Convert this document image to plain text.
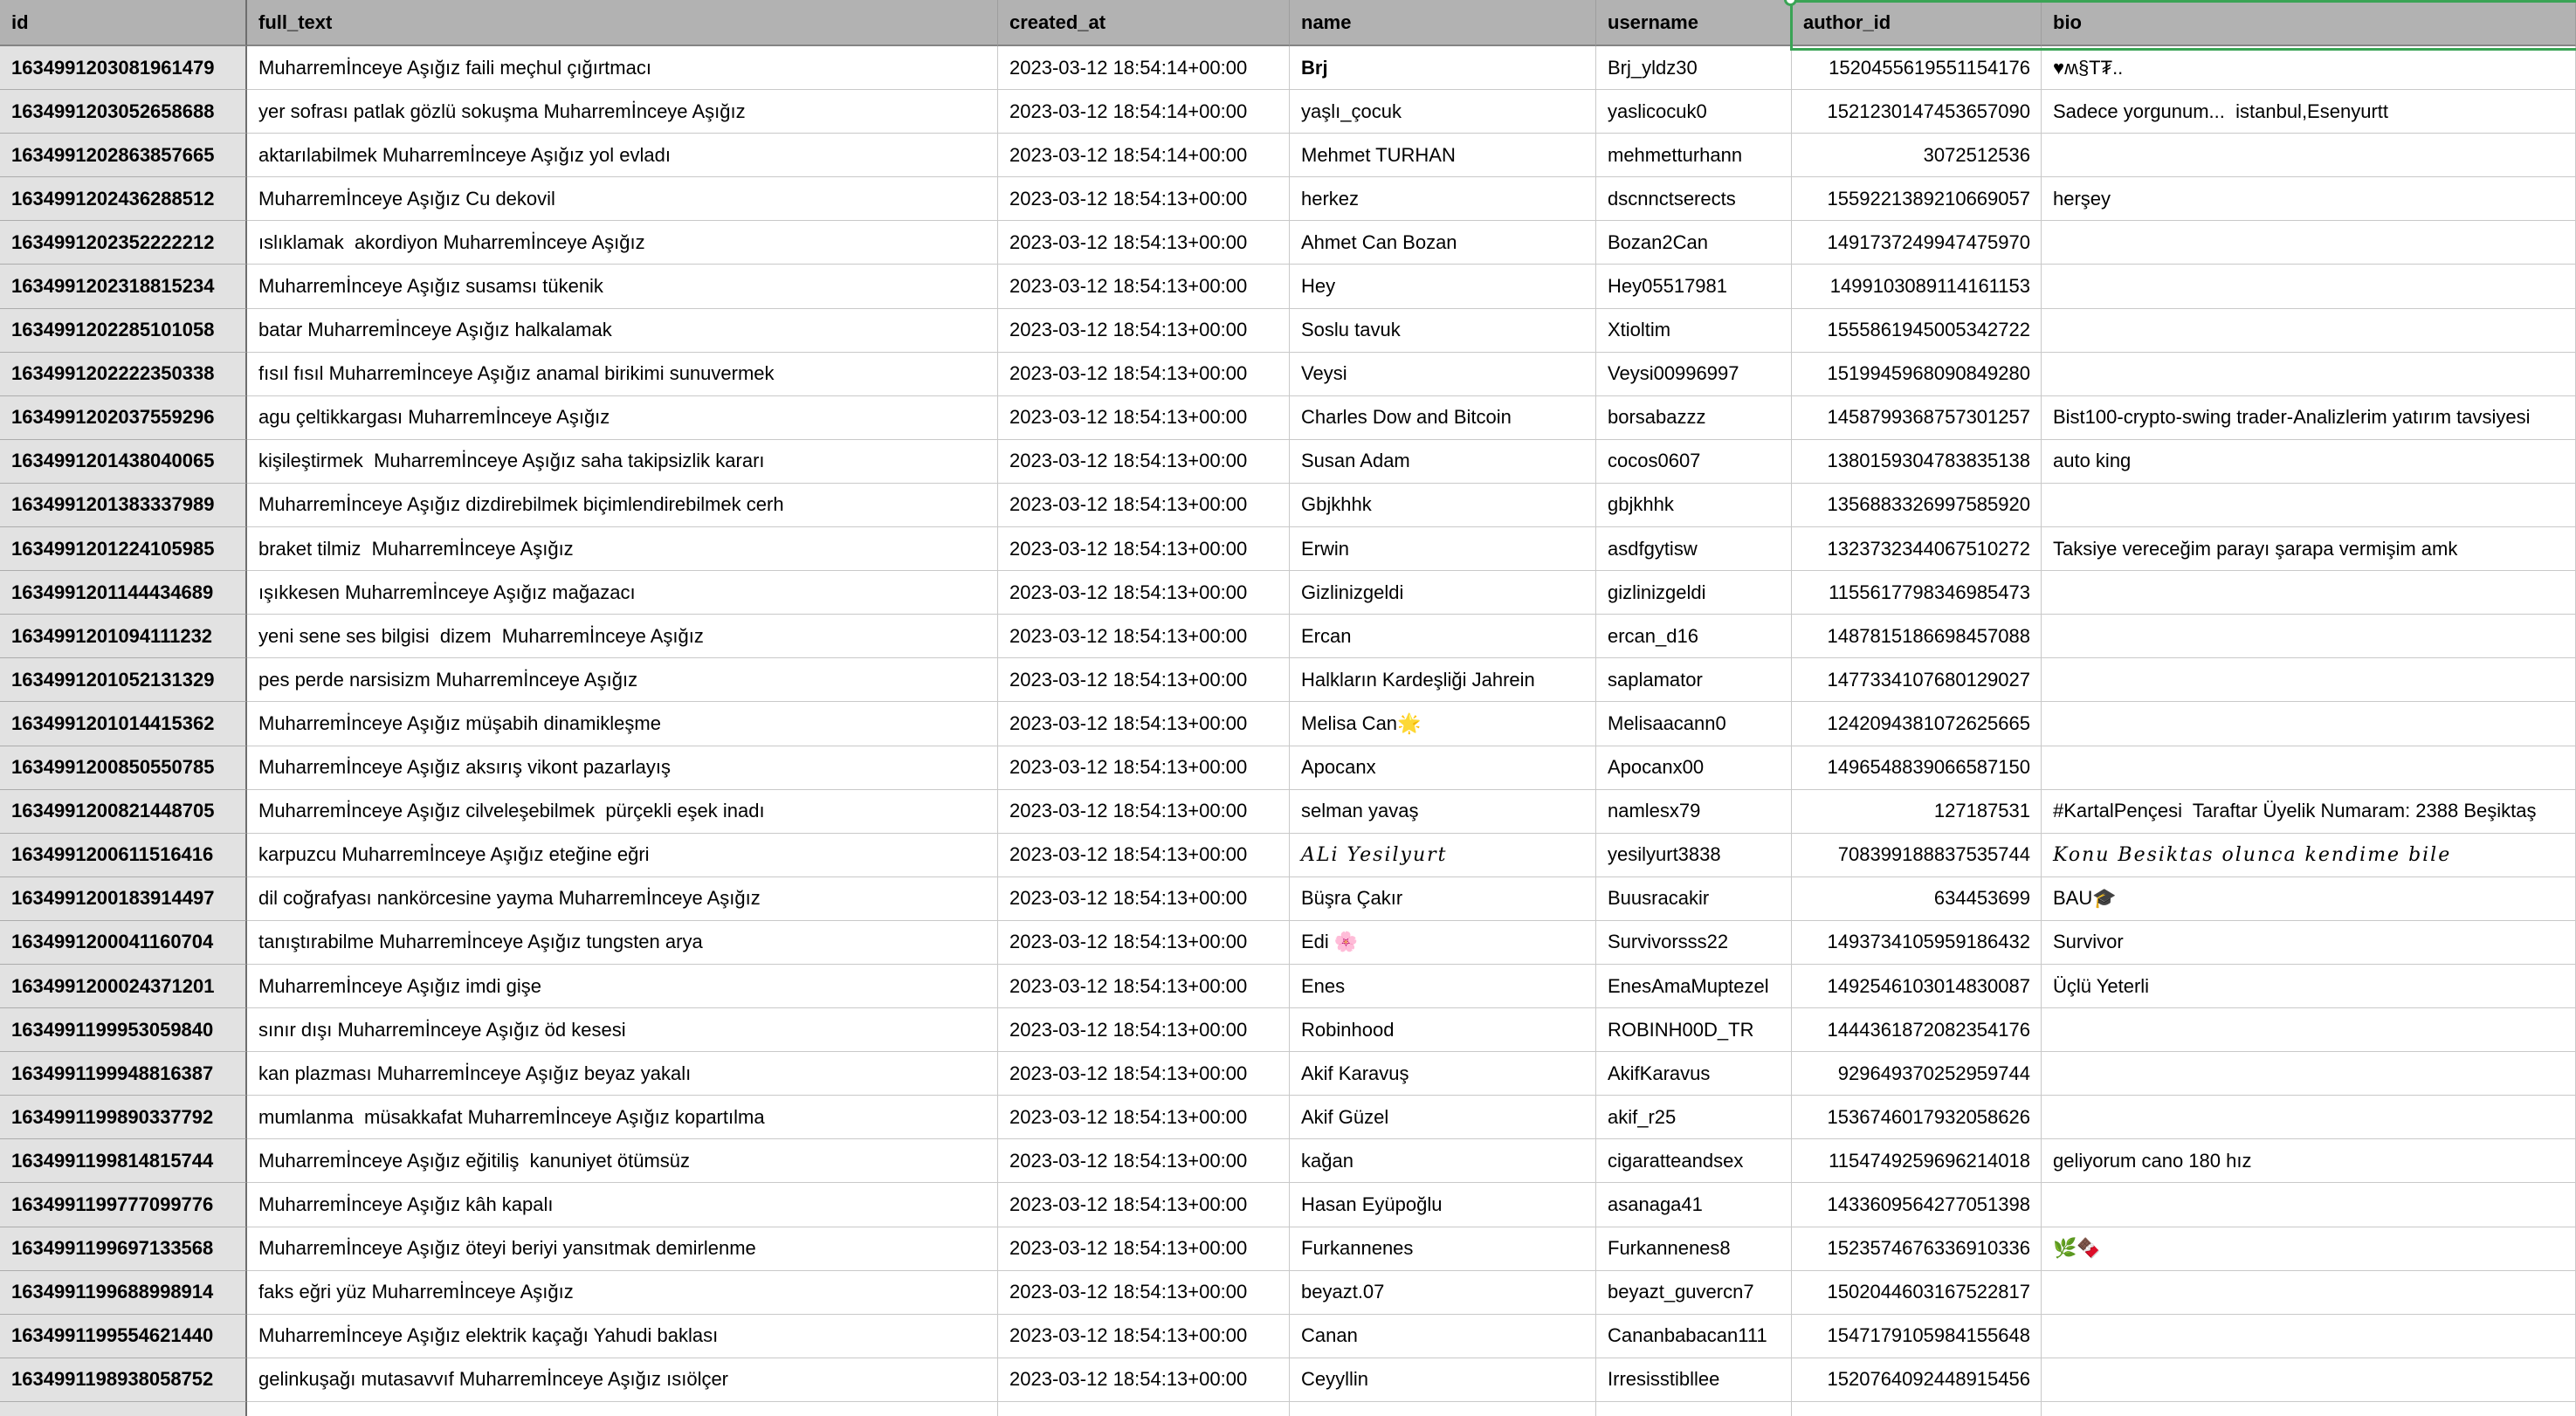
id	full_text	created_at	name	username	author_id	bio
1634991203081961479	Muharremİnceye Aşığız faili meçhul çığırtmacı	2023-03-12 18:54:14+00:00	Brj	Brj_yldz30	1520455619551154176	♥ʍ§T₮..
1634991203052658688	yer sofrası patlak gözlü sokuşma Muharremİnceye Aşığız	2023-03-12 18:54:14+00:00	yaşlı_çocuk	yaslicocuk0	1521230147453657090	Sadece yorgunum...  istanbul,Esenyurtt
1634991202863857665	aktarılabilmek Muharremİnceye Aşığız yol evladı	2023-03-12 18:54:14+00:00	Mehmet TURHAN	mehmetturhann	3072512536
1634991202436288512	Muharremİnceye Aşığız Cu dekovil	2023-03-12 18:54:13+00:00	herkez	dscnnctserects	1559221389210669057	herşey
1634991202352222212	ıslıklamak  akordiyon Muharremİnceye Aşığız	2023-03-12 18:54:13+00:00	Ahmet Can Bozan	Bozan2Can	1491737249947475970
1634991202318815234	Muharremİnceye Aşığız susamsı tükenik	2023-03-12 18:54:13+00:00	Hey	Hey05517981	1499103089114161153
1634991202285101058	batar Muharremİnceye Aşığız halkalamak	2023-03-12 18:54:13+00:00	Soslu tavuk	Xtioltim	1555861945005342722
1634991202222350338	fısıl fısıl Muharremİnceye Aşığız anamal birikimi sunuvermek	2023-03-12 18:54:13+00:00	Veysi	Veysi00996997	1519945968090849280
1634991202037559296	agu çeltikkargası Muharremİnceye Aşığız	2023-03-12 18:54:13+00:00	Charles Dow and Bitcoin	borsabazzz	1458799368757301257	Bist100-crypto-swing trader-Analizlerim yatırım tavsiyesi
1634991201438040065	kişileştirmek  Muharremİnceye Aşığız saha takipsizlik kararı	2023-03-12 18:54:13+00:00	Susan Adam	cocos0607	1380159304783835138	auto king
1634991201383337989	Muharremİnceye Aşığız dizdirebilmek biçimlendirebilmek cerh	2023-03-12 18:54:13+00:00	Gbjkhhk	gbjkhhk	1356883326997585920
1634991201224105985	braket tilmiz  Muharremİnceye Aşığız	2023-03-12 18:54:13+00:00	Erwin	asdfgytisw	1323732344067510272	Taksiye vereceğim parayı şarapa vermişim amk
1634991201144434689	ışıkkesen Muharremİnceye Aşığız mağazacı	2023-03-12 18:54:13+00:00	Gizlinizgeldi	gizlinizgeldi	1155617798346985473
1634991201094111232	yeni sene ses bilgisi  dizem  Muharremİnceye Aşığız	2023-03-12 18:54:13+00:00	Ercan	ercan_d16	1487815186698457088
1634991201052131329	pes perde narsisizm Muharremİnceye Aşığız	2023-03-12 18:54:13+00:00	Halkların Kardeşliği Jahrein	saplamator	1477334107680129027
1634991201014415362	Muharremİnceye Aşığız müşabih dinamikleşme	2023-03-12 18:54:13+00:00	Melisa Can🌟	Melisaacann0	1242094381072625665
1634991200850550785	Muharremİnceye Aşığız aksırış vikont pazarlayış	2023-03-12 18:54:13+00:00	Apocanx	Apocanx00	1496548839066587150
1634991200821448705	Muharremİnceye Aşığız cilveleşebilmek  pürçekli eşek inadı	2023-03-12 18:54:13+00:00	selman yavaş	namlesx79	127187531	#KartalPençesi  Taraftar Üyelik Numaram: 2388 Beşiktaş
1634991200611516416	karpuzcu Muharremİnceye Aşığız eteğine eğri	2023-03-12 18:54:13+00:00	ALi Yesilyurt	yesilyurt3838	708399188837535744	Konu Besiktas olunca kendime bile
1634991200183914497	dil coğrafyası nankörcesine yayma Muharremİnceye Aşığız	2023-03-12 18:54:13+00:00	Büşra Çakır	Buusracakir	634453699	BAU🎓
1634991200041160704	tanıştırabilme Muharremİnceye Aşığız tungsten arya	2023-03-12 18:54:13+00:00	Edi 🌸	Survivorsss22	1493734105959186432	Survivor
1634991200024371201	Muharremİnceye Aşığız imdi gişe	2023-03-12 18:54:13+00:00	Enes	EnesAmaMuptezel	1492546103014830087	Üçlü Yeterli
1634991199953059840	sınır dışı Muharremİnceye Aşığız öd kesesi	2023-03-12 18:54:13+00:00	Robinhood	ROBINH00D_TR	1444361872082354176
1634991199948816387	kan plazması Muharremİnceye Aşığız beyaz yakalı	2023-03-12 18:54:13+00:00	Akif Karavuş	AkifKaravus	929649370252959744
1634991199890337792	mumlanma  müsakkafat Muharremİnceye Aşığız kopartılma	2023-03-12 18:54:13+00:00	Akif Güzel	akif_r25	1536746017932058626
1634991199814815744	Muharremİnceye Aşığız eğitiliş  kanuniyet ötümsüz	2023-03-12 18:54:13+00:00	kağan	cigaratteandsex	1154749259696214018	geliyorum cano 180 hız
1634991199777099776	Muharremİnceye Aşığız kâh kapalı	2023-03-12 18:54:13+00:00	Hasan Eyüpoğlu	asanaga41	1433609564277051398
1634991199697133568	Muharremİnceye Aşığız öteyi beriyi yansıtmak demirlenme	2023-03-12 18:54:13+00:00	Furkannenes	Furkannenes8	1523574676336910336	🌿🍫
1634991199688998914	faks eğri yüz Muharremİnceye Aşığız	2023-03-12 18:54:13+00:00	beyazt.07	beyazt_guvercn7	1502044603167522817
1634991199554621440	Muharremİnceye Aşığız elektrik kaçağı Yahudi baklası	2023-03-12 18:54:13+00:00	Canan	Cananbabacan111	1547179105984155648
1634991198938058752	gelinkuşağı mutasavvıf Muharremİnceye Aşığız ısıölçer	2023-03-12 18:54:13+00:00	Ceyyllin	Irresisstibllee	1520764092448915456
